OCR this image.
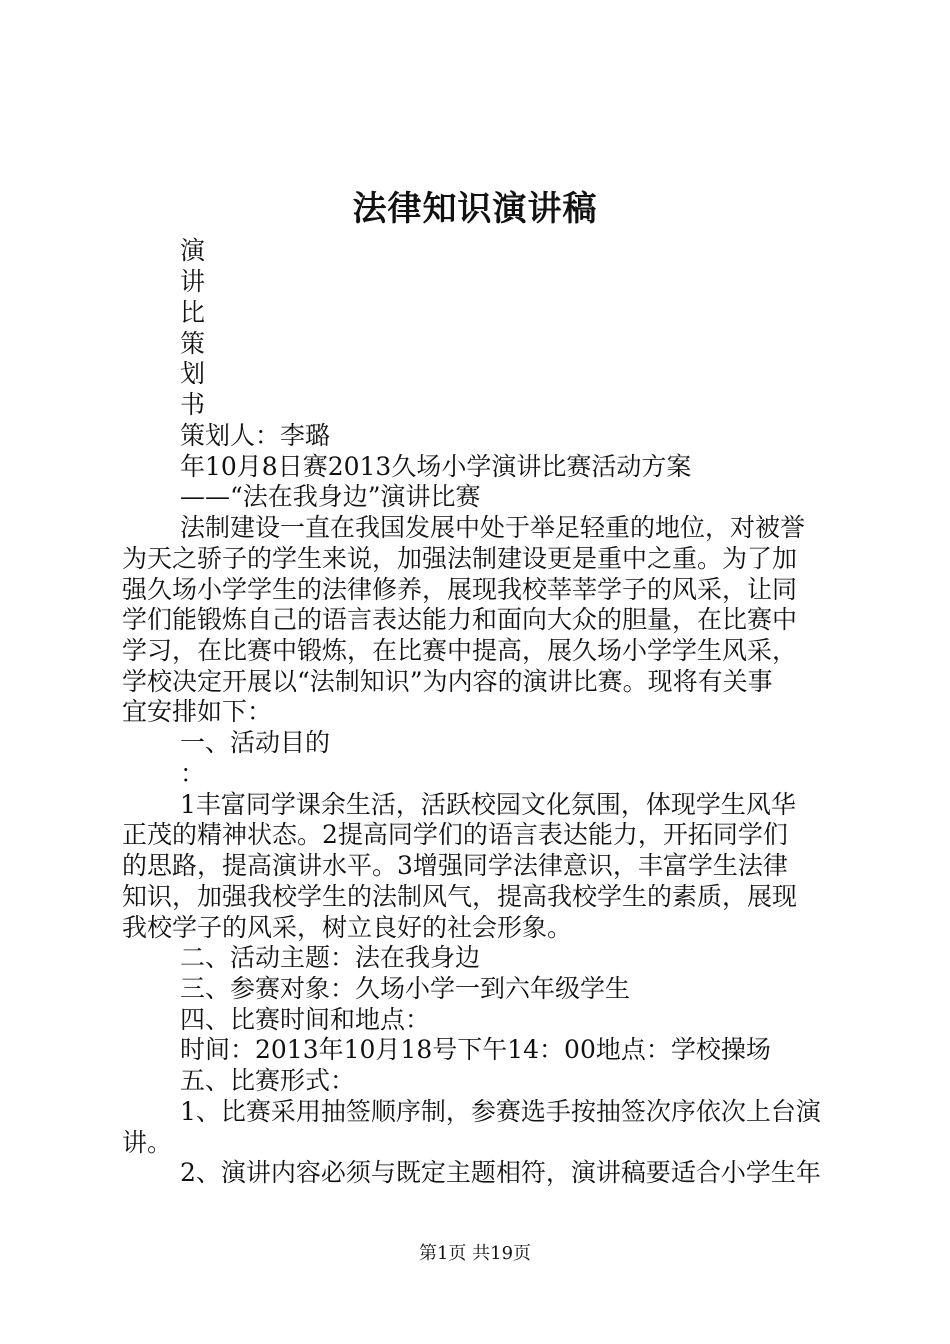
法律知识演讲稿
演
讲
比
策
划
书
策划人：李璐
年10月8日赛2013久场小学演讲比赛活动方案
——“法在我身边”演讲比赛
法制建设一直在我国发展中处于举足轻重的地位，对被誉
为天之骄子的学生来说，加强法制建设更是重中之重。为了加
强久场小学学生的法律修养，展现我校莘莘学子的风采，让同
学们能锻炼自己的语言表达能力和面向大众的胆量，在比赛中
学习，在比赛中锻炼，在比赛中提高，展久场小学学生风采，
学校决定开展以“法制知识”为内容的演讲比赛。现将有关事
宜安排如下：
一、活动目的
：
1丰富同学课余生活，活跃校园文化氛围，体现学生风华
正茂的精神状态。2提高同学们的语言表达能力，开拓同学们
的思路，提高演讲水平。3增强同学法律意识，丰富学生法律
知识，加强我校学生的法制风气，提高我校学生的素质，展现
我校学子的风采，树立良好的社会形象。
二、活动主题：法在我身边
三、参赛对象：久场小学一到六年级学生
四、比赛时间和地点：
时间：2013年10月18号下午14：00地点：学校操场
五、比赛形式：
1、比赛采用抽签顺序制，参赛选手按抽签次序依次上台演
讲。
2、演讲内容必须与既定主题相符，演讲稿要适合小学生年
第1页 共19页
